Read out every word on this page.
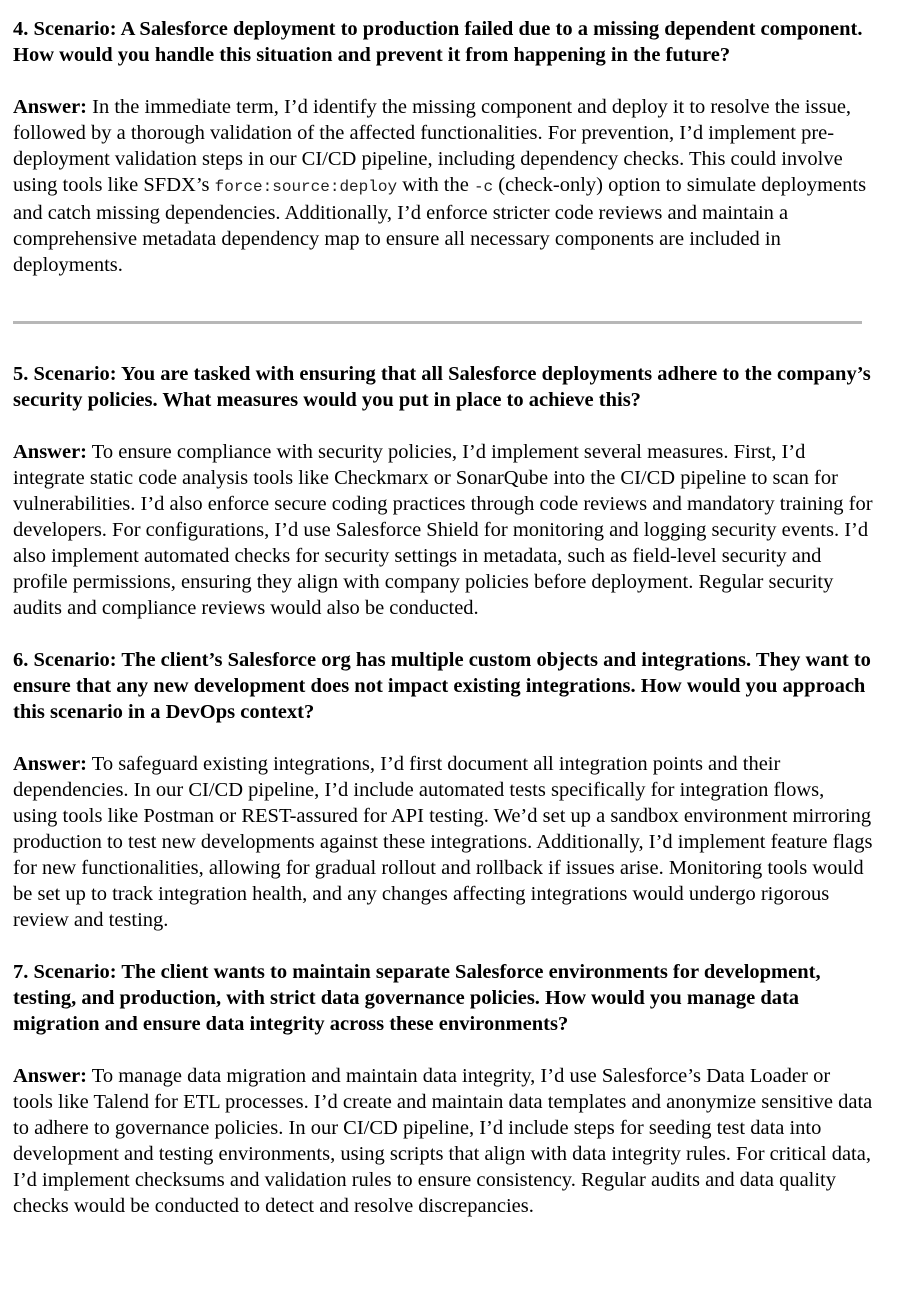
4. Scenario: A Salesforce deployment to production failed due to a missing dependent component. How would you handle this situation and prevent it from happening in the future?

Answer: In the immediate term, I’d identify the missing component and deploy it to resolve the issue, followed by a thorough validation of the affected functionalities. For prevention, I’d implement pre-deployment validation steps in our CI/CD pipeline, including dependency checks. This could involve using tools like SFDX’s force:source:deploy with the -c (check-only) option to simulate deployments and catch missing dependencies. Additionally, I’d enforce stricter code reviews and maintain a comprehensive metadata dependency map to ensure all necessary components are included in deployments.

5. Scenario: You are tasked with ensuring that all Salesforce deployments adhere to the company’s security policies. What measures would you put in place to achieve this?

Answer: To ensure compliance with security policies, I’d implement several measures. First, I’d integrate static code analysis tools like Checkmarx or SonarQube into the CI/CD pipeline to scan for vulnerabilities. I’d also enforce secure coding practices through code reviews and mandatory training for developers. For configurations, I’d use Salesforce Shield for monitoring and logging security events. I’d also implement automated checks for security settings in metadata, such as field-level security and profile permissions, ensuring they align with company policies before deployment. Regular security audits and compliance reviews would also be conducted.

6. Scenario: The client’s Salesforce org has multiple custom objects and integrations. They want to ensure that any new development does not impact existing integrations. How would you approach this scenario in a DevOps context?

Answer: To safeguard existing integrations, I’d first document all integration points and their dependencies. In our CI/CD pipeline, I’d include automated tests specifically for integration flows, using tools like Postman or REST-assured for API testing. We’d set up a sandbox environment mirroring production to test new developments against these integrations. Additionally, I’d implement feature flags for new functionalities, allowing for gradual rollout and rollback if issues arise. Monitoring tools would be set up to track integration health, and any changes affecting integrations would undergo rigorous review and testing.

7. Scenario: The client wants to maintain separate Salesforce environments for development, testing, and production, with strict data governance policies. How would you manage data migration and ensure data integrity across these environments?

Answer: To manage data migration and maintain data integrity, I’d use Salesforce’s Data Loader or tools like Talend for ETL processes. I’d create and maintain data templates and anonymize sensitive data to adhere to governance policies. In our CI/CD pipeline, I’d include steps for seeding test data into development and testing environments, using scripts that align with data integrity rules. For critical data, I’d implement checksums and validation rules to ensure consistency. Regular audits and data quality checks would be conducted to detect and resolve discrepancies.
